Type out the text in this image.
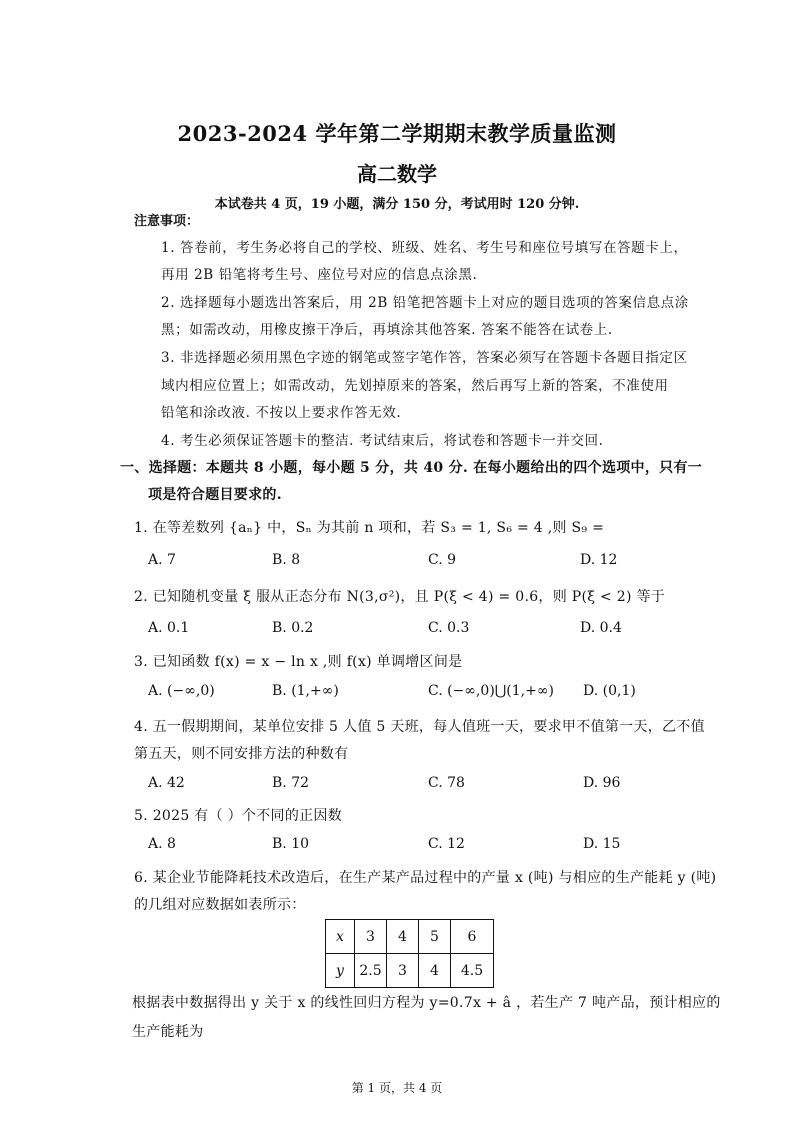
2023-2024 学年第二学期期末教学质量监测
高二数学
本试卷共 4 页，19 小题，满分 150 分，考试用时 120 分钟.
注意事项：
1. 答卷前，考生务必将自己的学校、班级、姓名、考生号和座位号填写在答题卡上，
再用 2B 铅笔将考生号、座位号对应的信息点涂黑.
2. 选择题每小题选出答案后，用 2B 铅笔把答题卡上对应的题目选项的答案信息点涂
黑；如需改动，用橡皮擦干净后，再填涂其他答案. 答案不能答在试卷上.
3. 非选择题必须用黑色字迹的钢笔或签字笔作答，答案必须写在答题卡各题目指定区
域内相应位置上；如需改动，先划掉原来的答案，然后再写上新的答案，不准使用
铅笔和涂改液. 不按以上要求作答无效.
4. 考生必须保证答题卡的整洁. 考试结束后，将试卷和答题卡一并交回.
一、选择题：本题共 8 小题，每小题 5 分，共 40 分. 在每小题给出的四个选项中，只有一
项是符合题目要求的.
1. 在等差数列 {aₙ} 中，Sₙ 为其前 n 项和，若 S₃ = 1, S₆ = 4 ,则 S₉ =
A. 7	B. 8	C. 9	D. 12
2. 已知随机变量 ξ 服从正态分布 N(3,σ²)，且 P(ξ < 4) = 0.6，则 P(ξ < 2) 等于
A. 0.1	B. 0.2	C. 0.3	D. 0.4
3. 已知函数 f(x) = x − ln x ,则 f(x) 单调增区间是
A. (−∞,0)	B. (1,+∞)	C. (−∞,0)⋃(1,+∞) D. (0,1)
4. 五一假期期间，某单位安排 5 人值 5 天班，每人值班一天，要求甲不值第一天，乙不值
第五天，则不同安排方法的种数有
A. 42	B. 72	C. 78	D. 96
5. 2025 有（ ）个不同的正因数
A. 8	B. 10	C. 12	D. 15
6. 某企业节能降耗技术改造后，在生产某产品过程中的产量 x (吨) 与相应的生产能耗 y (吨)
的几组对应数据如表所示：
x	3	4	5	6
y	2.5	3	4	4.5
根据表中数据得出 y 关于 x 的线性回归方程为 y=0.7x + â ，若生产 7 吨产品，预计相应的
生产能耗为
第 1 页，共 4 页
